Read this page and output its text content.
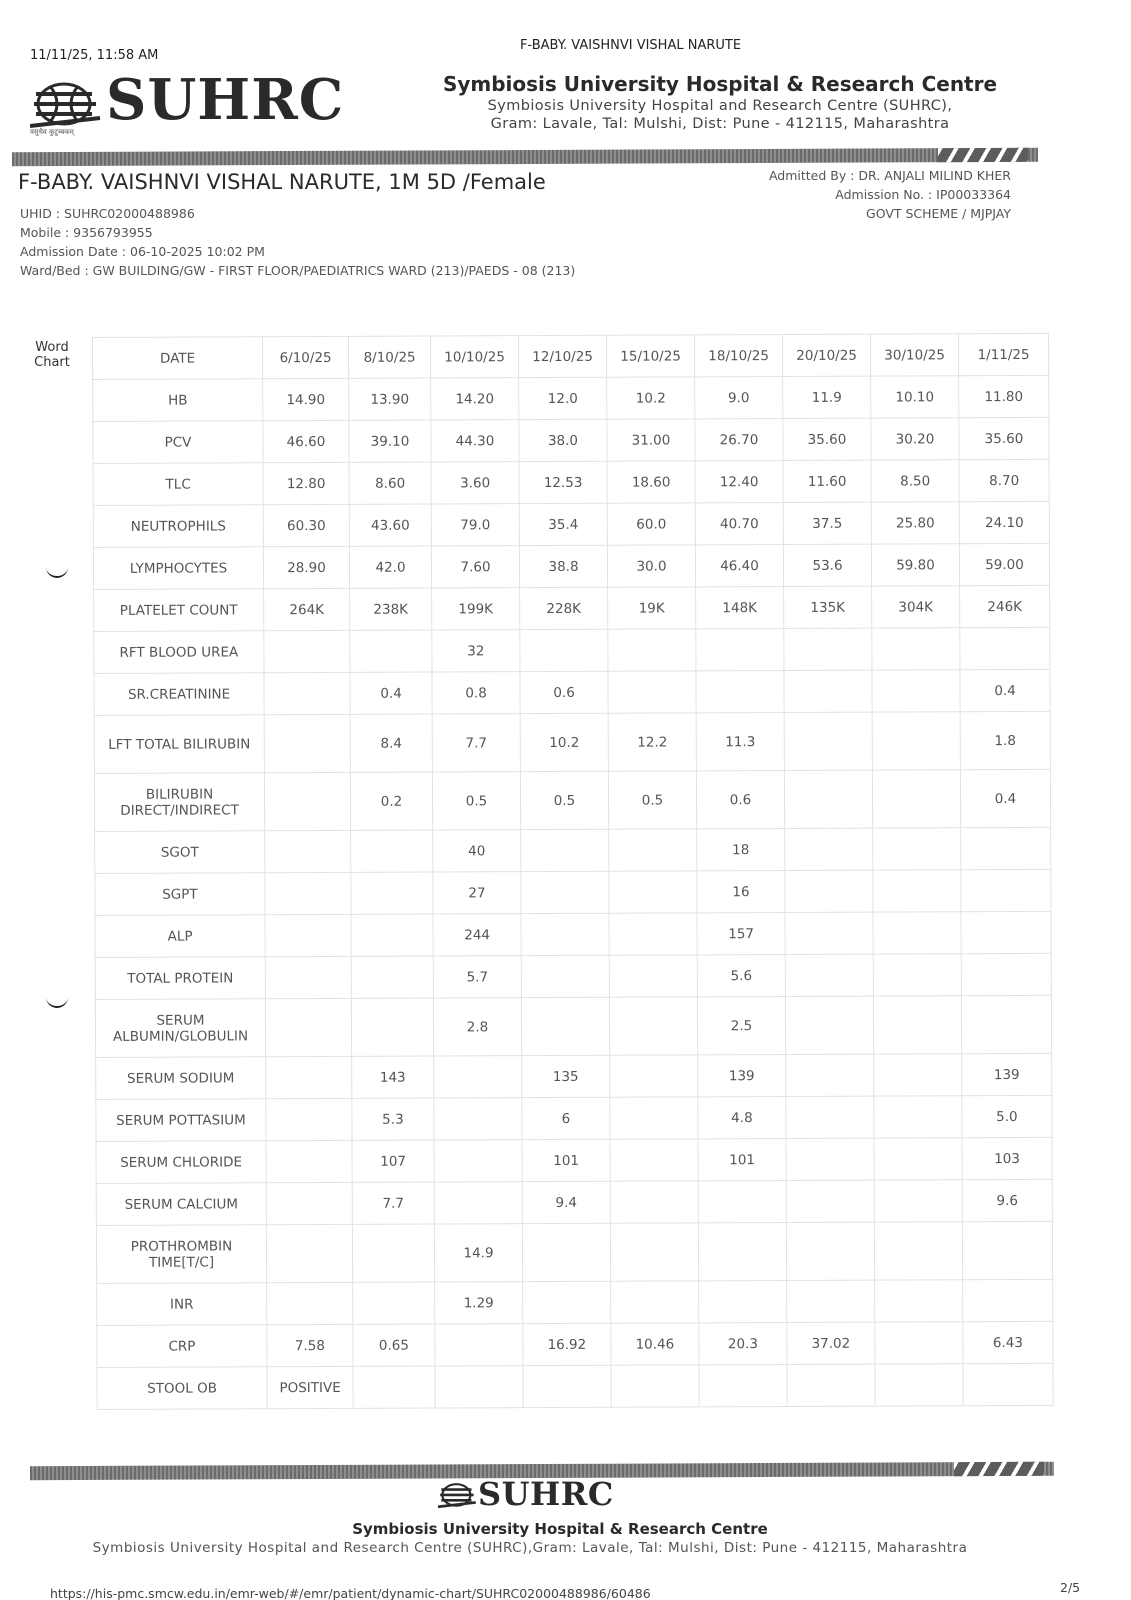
11/11/25, 11:58 AM
F-BABY. VAISHNVI VISHAL NARUTE
SUHRC
वसुधैव कुटुम्बकम्
Symbiosis University Hospital & Research Centre
Symbiosis University Hospital and Research Centre (SUHRC),
Gram: Lavale, Tal: Mulshi, Dist: Pune - 412115, Maharashtra
F-BABY. VAISHNVI VISHAL NARUTE, 1M 5D /Female
UHID : SUHRC02000488986
Mobile : 9356793955
Admission Date : 06-10-2025 10:02 PM
Ward/Bed : GW BUILDING/GW - FIRST FLOOR/PAEDIATRICS WARD (213)/PAEDS - 08 (213)
Admitted By : DR. ANJALI MILIND KHER
Admission No. : IP00033364
GOVT SCHEME / MJPJAY
Word Chart	DATE	6/10/25	8/10/25	10/10/25	12/10/25	15/10/25	18/10/25	20/10/25	30/10/25	1/11/25
HB	14.90	13.90	14.20	12.0	10.2	9.0	11.9	10.10	11.80
PCV	46.60	39.10	44.30	38.0	31.00	26.70	35.60	30.20	35.60
TLC	12.80	8.60	3.60	12.53	18.60	12.40	11.60	8.50	8.70
NEUTROPHILS	60.30	43.60	79.0	35.4	60.0	40.70	37.5	25.80	24.10
LYMPHOCYTES	28.90	42.0	7.60	38.8	30.0	46.40	53.6	59.80	59.00
PLATELET COUNT	264K	238K	199K	228K	19K	148K	135K	304K	246K
RFT BLOOD UREA			32						
SR.CREATININE		0.4	0.8	0.6					0.4
LFT TOTAL BILIRUBIN		8.4	7.7	10.2	12.2	11.3			1.8
BILIRUBIN DIRECT/INDIRECT		0.2	0.5	0.5	0.5	0.6			0.4
SGOT			40			18			
SGPT			27			16			
ALP			244			157			
TOTAL PROTEIN			5.7			5.6			
SERUM ALBUMIN/GLOBULIN			2.8			2.5			
SERUM SODIUM		143		135		139			139
SERUM POTTASIUM		5.3		6		4.8			5.0
SERUM CHLORIDE		107		101		101			103
SERUM CALCIUM		7.7		9.4					9.6
PROTHROMBIN TIME[T/C]			14.9						
INR			1.29						
CRP	7.58	0.65		16.92	10.46	20.3	37.02		6.43
STOOL OB	POSITIVE								
SUHRC
Symbiosis University Hospital & Research Centre
Symbiosis University Hospital and Research Centre (SUHRC),Gram: Lavale, Tal: Mulshi, Dist: Pune - 412115, Maharashtra
https://his-pmc.smcw.edu.in/emr-web/#/emr/patient/dynamic-chart/SUHRC02000488986/60486	2/5
